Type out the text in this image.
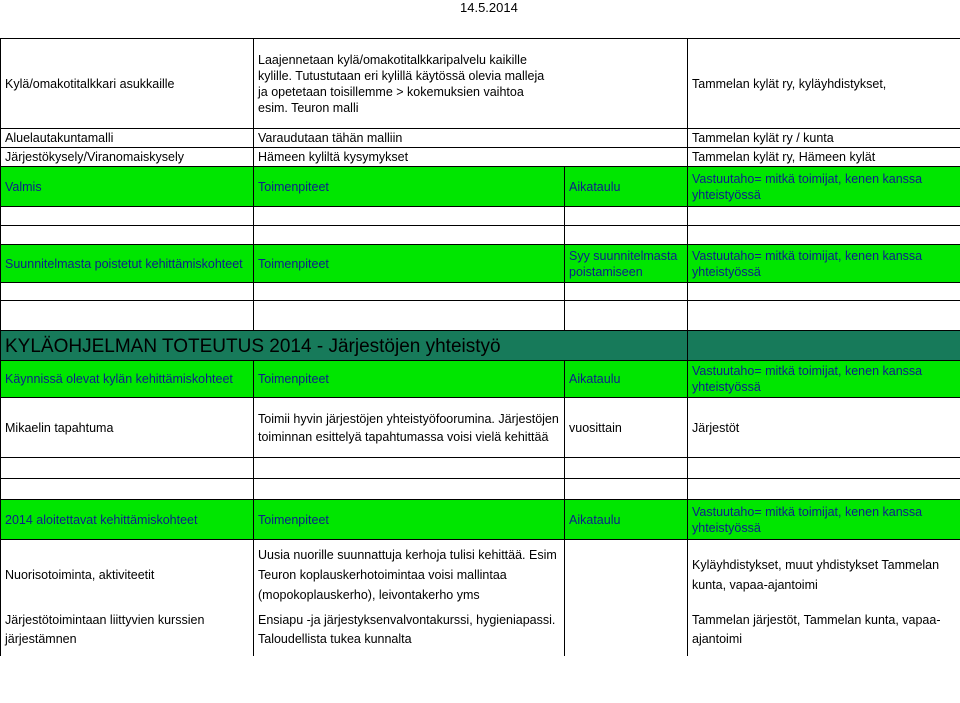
14.5.2014
Kylä/omakotitalkkari asukkaille	Laajennetaan kylä/omakotitalkkaripalvelu kaikille kylille. Tutustutaan eri kylillä käytössä olevia malleja ja opetetaan toisillemme > kokemuksien vaihtoa esim. Teuron malli		Tammelan kylät ry, kyläyhdistykset,
Aluelautakuntamalli	Varaudutaan tähän malliin		Tammelan kylät ry / kunta
Järjestökysely/Viranomaiskysely	Hämeen kyliltä kysymykset		Tammelan kylät ry, Hämeen kylät
Valmis	Toimenpiteet	Aikataulu	Vastuutaho= mitkä toimijat, kenen kanssa yhteistyössä

Suunnitelmasta poistetut kehittämiskohteet	Toimenpiteet	Syy suunnitelmasta poistamiseen	Vastuutaho= mitkä toimijat, kenen kanssa yhteistyössä

KYLÄOHJELMAN TOTEUTUS 2014 - Järjestöjen yhteistyö			
Käynnissä olevat kylän kehittämiskohteet	Toimenpiteet	Aikataulu	Vastuutaho= mitkä toimijat, kenen kanssa yhteistyössä
Mikaelin tapahtuma	Toimii hyvin järjestöjen yhteistyöfoorumina. Järjestöjen toiminnan esittelyä tapahtumassa voisi vielä kehittää	vuosittain	Järjestöt

2014 aloitettavat kehittämiskohteet	Toimenpiteet	Aikataulu	Vastuutaho= mitkä toimijat, kenen kanssa yhteistyössä
Nuorisotoiminta, aktiviteetit	Uusia nuorille suunnattuja kerhoja tulisi kehittää. Esim Teuron koplauskerhotoimintaa voisi mallintaa (mopokoplauskerho), leivontakerho yms		Kyläyhdistykset, muut yhdistykset Tammelan kunta, vapaa-ajantoimi
Järjestötoimintaan liittyvien kurssien järjestämnen	Ensiapu -ja järjestyksenvalvontakurssi, hygieniapassi. Taloudellista tukea kunnalta		Tammelan järjestöt, Tammelan kunta, vapaa-ajantoimi
